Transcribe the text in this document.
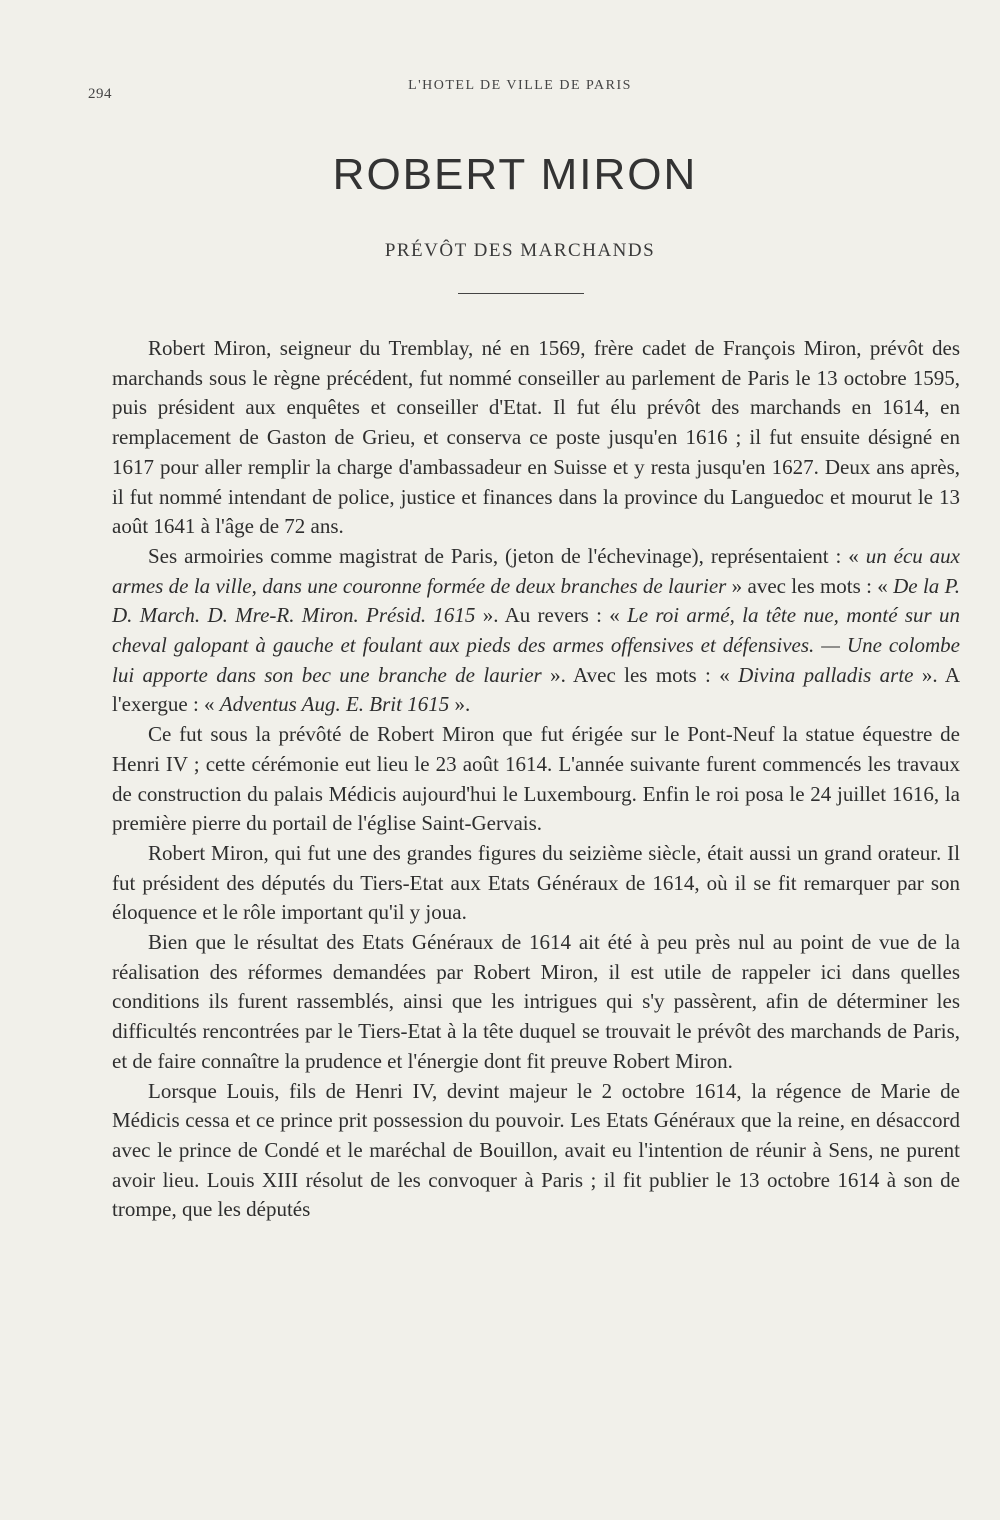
294
L'HOTEL DE VILLE DE PARIS
ROBERT MIRON
PRÉVÔT DES MARCHANDS

Robert Miron, seigneur du Tremblay, né en 1569, frère cadet de François Miron, prévôt des marchands sous le règne précédent, fut nommé conseiller au parlement de Paris le 13 octobre 1595, puis président aux enquêtes et conseiller d'Etat. Il fut élu prévôt des marchands en 1614, en remplacement de Gaston de Grieu, et conserva ce poste jusqu'en 1616 ; il fut ensuite désigné en 1617 pour aller remplir la charge d'ambassadeur en Suisse et y resta jusqu'en 1627. Deux ans après, il fut nommé intendant de police, justice et finances dans la province du Languedoc et mourut le 13 août 1641 à l'âge de 72 ans.

Ses armoiries comme magistrat de Paris, (jeton de l'échevinage), représentaient : « un écu aux armes de la ville, dans une couronne formée de deux branches de laurier » avec les mots : « De la P. D. March. D. Mre-R. Miron. Présid. 1615 ». Au revers : « Le roi armé, la tête nue, monté sur un cheval galopant à gauche et foulant aux pieds des armes offensives et défensives. — Une colombe lui apporte dans son bec une branche de laurier ». Avec les mots : « Divina palladis arte ». A l'exergue : « Adventus Aug. E. Brit 1615 ».

Ce fut sous la prévôté de Robert Miron que fut érigée sur le Pont-Neuf la statue équestre de Henri IV ; cette cérémonie eut lieu le 23 août 1614. L'année suivante furent commencés les travaux de construction du palais Médicis aujourd'hui le Luxembourg. Enfin le roi posa le 24 juillet 1616, la première pierre du portail de l'église Saint-Gervais.

Robert Miron, qui fut une des grandes figures du seizième siècle, était aussi un grand orateur. Il fut président des députés du Tiers-Etat aux Etats Généraux de 1614, où il se fit remarquer par son éloquence et le rôle important qu'il y joua.

Bien que le résultat des Etats Généraux de 1614 ait été à peu près nul au point de vue de la réalisation des réformes demandées par Robert Miron, il est utile de rappeler ici dans quelles conditions ils furent rassemblés, ainsi que les intrigues qui s'y passèrent, afin de déterminer les difficultés rencontrées par le Tiers-Etat à la tête duquel se trouvait le prévôt des marchands de Paris, et de faire connaître la prudence et l'énergie dont fit preuve Robert Miron.

Lorsque Louis, fils de Henri IV, devint majeur le 2 octobre 1614, la régence de Marie de Médicis cessa et ce prince prit possession du pouvoir. Les Etats Généraux que la reine, en désaccord avec le prince de Condé et le maréchal de Bouillon, avait eu l'intention de réunir à Sens, ne purent avoir lieu. Louis XIII résolut de les convoquer à Paris ; il fit publier le 13 octobre 1614 à son de trompe, que les députés
